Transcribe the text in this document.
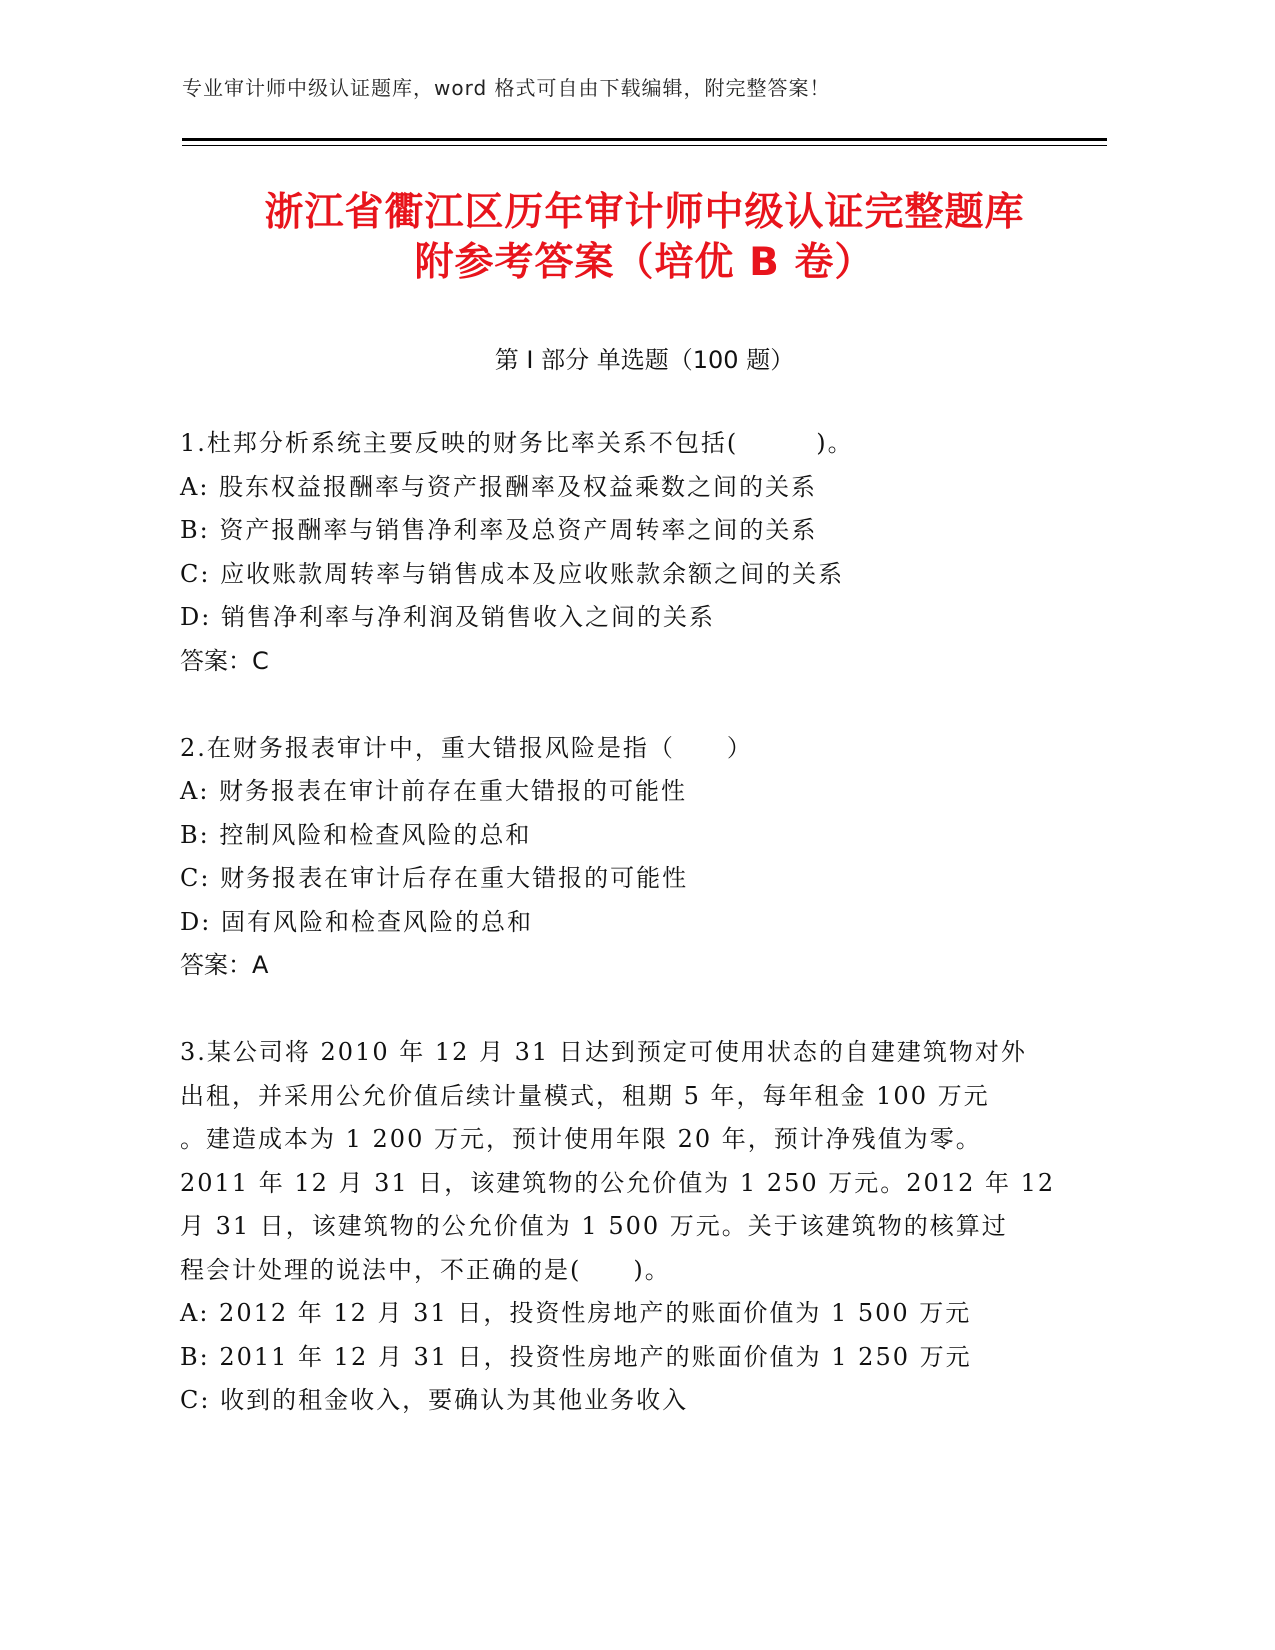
专业审计师中级认证题库，word 格式可自由下载编辑，附完整答案！
浙江省衢江区历年审计师中级认证完整题库
附参考答案（培优 B 卷）
第 I 部分 单选题（100 题）
1.杜邦分析系统主要反映的财务比率关系不包括(　　　)。
A: 股东权益报酬率与资产报酬率及权益乘数之间的关系
B: 资产报酬率与销售净利率及总资产周转率之间的关系
C: 应收账款周转率与销售成本及应收账款余额之间的关系
D: 销售净利率与净利润及销售收入之间的关系
答案：C
2.在财务报表审计中，重大错报风险是指（　　）
A: 财务报表在审计前存在重大错报的可能性
B: 控制风险和检查风险的总和
C: 财务报表在审计后存在重大错报的可能性
D: 固有风险和检查风险的总和
答案：A
3.某公司将 2010 年 12 月 31 日达到预定可使用状态的自建建筑物对外
出租，并采用公允价值后续计量模式，租期 5 年，每年租金 100 万元
。建造成本为 1 200 万元，预计使用年限 20 年，预计净残值为零。
2011 年 12 月 31 日，该建筑物的公允价值为 1 250 万元。2012 年 12
月 31 日，该建筑物的公允价值为 1 500 万元。关于该建筑物的核算过
程会计处理的说法中，不正确的是(　　)。
A: 2012 年 12 月 31 日，投资性房地产的账面价值为 1 500 万元
B: 2011 年 12 月 31 日，投资性房地产的账面价值为 1 250 万元
C: 收到的租金收入，要确认为其他业务收入
